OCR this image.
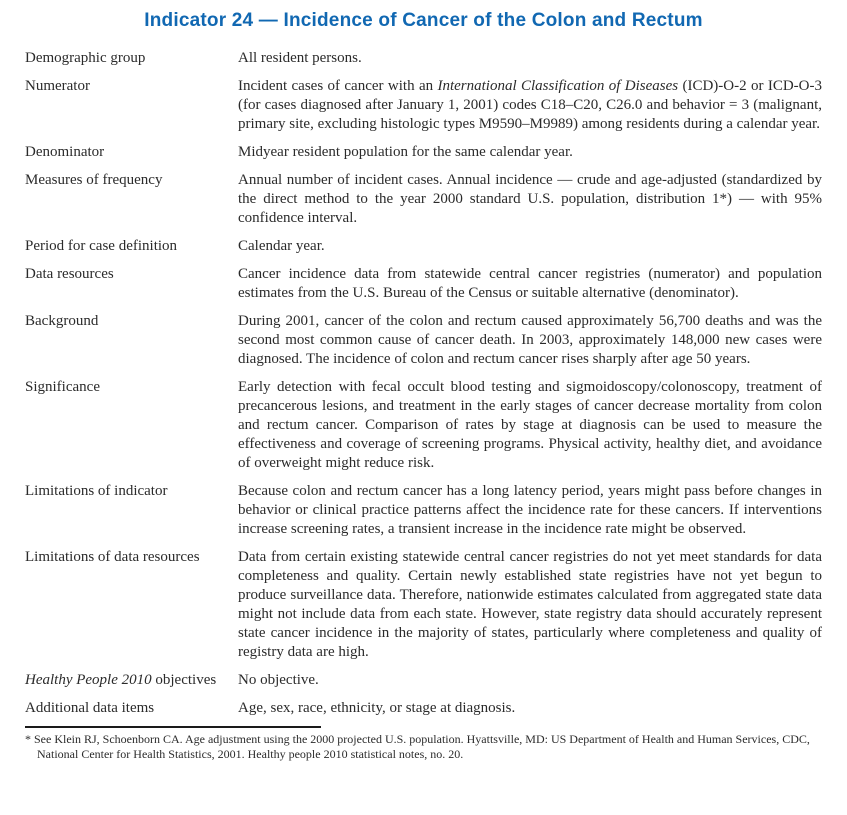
Indicator 24 — Incidence of Cancer of the Colon and Rectum
Demographic group	All resident persons.
Numerator	Incident cases of cancer with an International Classification of Diseases (ICD)-O-2 or ICD-O-3 (for cases diagnosed after January 1, 2001) codes C18–C20, C26.0 and behavior = 3 (malignant, primary site, excluding histologic types M9590–M9989) among residents during a calendar year.
Denominator	Midyear resident population for the same calendar year.
Measures of frequency	Annual number of incident cases. Annual incidence — crude and age-adjusted (standardized by the direct method to the year 2000 standard U.S. population, distribution 1*) — with 95% confidence interval.
Period for case definition	Calendar year.
Data resources	Cancer incidence data from statewide central cancer registries (numerator) and population estimates from the U.S. Bureau of the Census or suitable alternative (denominator).
Background	During 2001, cancer of the colon and rectum caused approximately 56,700 deaths and was the second most common cause of cancer death. In 2003, approximately 148,000 new cases were diagnosed. The incidence of colon and rectum cancer rises sharply after age 50 years.
Significance	Early detection with fecal occult blood testing and sigmoidoscopy/colonoscopy, treatment of precancerous lesions, and treatment in the early stages of cancer decrease mortality from colon and rectum cancer. Comparison of rates by stage at diagnosis can be used to measure the effectiveness and coverage of screening programs. Physical activity, healthy diet, and avoidance of overweight might reduce risk.
Limitations of indicator	Because colon and rectum cancer has a long latency period, years might pass before changes in behavior or clinical practice patterns affect the incidence rate for these cancers. If interventions increase screening rates, a transient increase in the incidence rate might be observed.
Limitations of data resources	Data from certain existing statewide central cancer registries do not yet meet standards for data completeness and quality. Certain newly established state registries have not yet begun to produce surveillance data. Therefore, nationwide estimates calculated from aggregated state data might not include data from each state. However, state registry data should accurately represent state cancer incidence in the majority of states, particularly where completeness and quality of registry data are high.
Healthy People 2010 objectives	No objective.
Additional data items	Age, sex, race, ethnicity, or stage at diagnosis.
* See Klein RJ, Schoenborn CA. Age adjustment using the 2000 projected U.S. population. Hyattsville, MD: US Department of Health and Human Services, CDC, National Center for Health Statistics, 2001. Healthy people 2010 statistical notes, no. 20.
